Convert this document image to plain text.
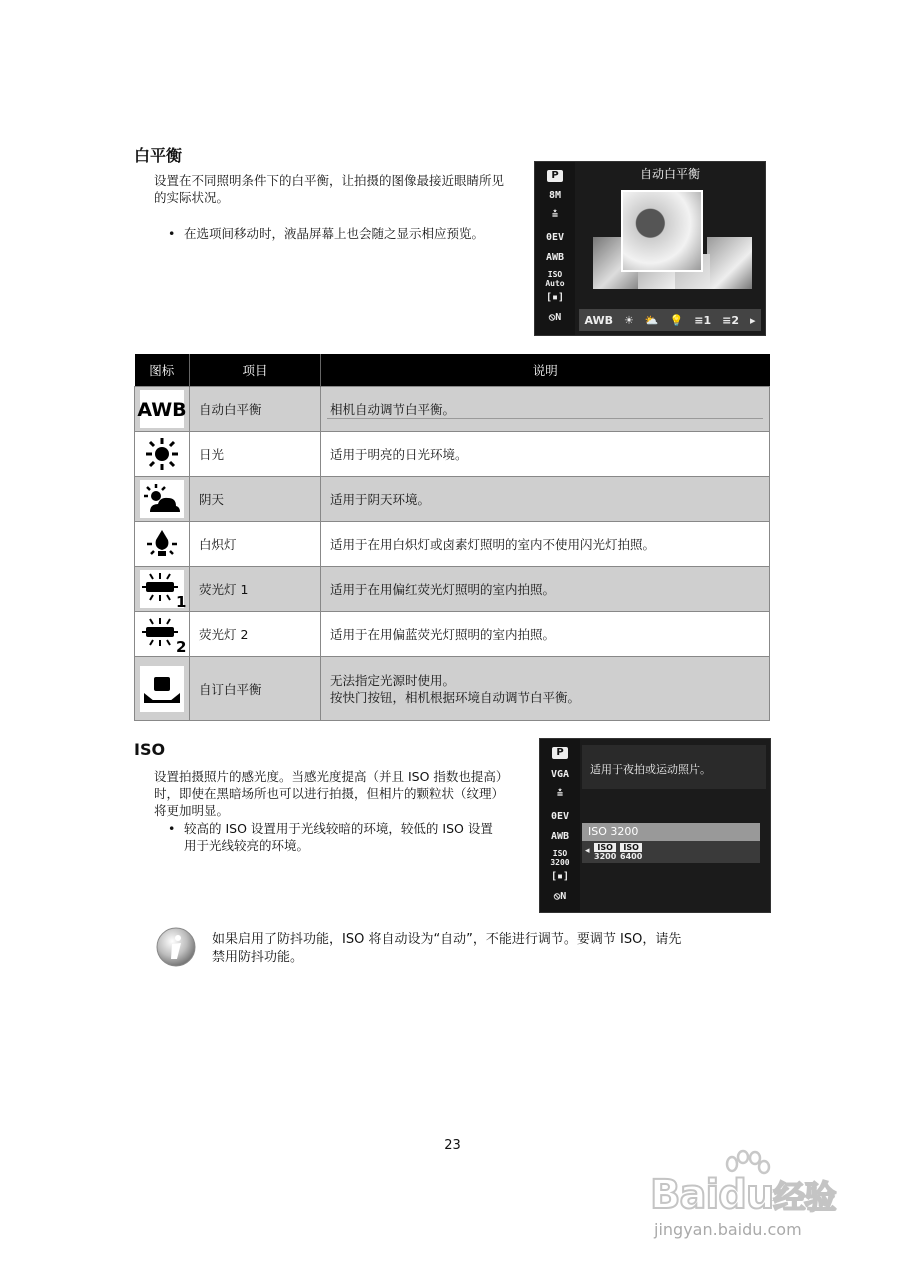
白平衡
设置在不同照明条件下的白平衡，让拍摄的图像最接近眼睛所见
的实际状况。
• 在选项间移动时，液晶屏幕上也会随之显示相应预览。
P
8M
≛
0EV
AWB
ISO Auto
[▪]
⦸N
自动白平衡
AWB ☀ ⛅ 💡 ≡1 ≡2 ▸
图标	项目	说明

AWB	自动白平衡	相机自动调节白平衡。

	日光	适用于明亮的日光环境。

	阴天	适用于阴天环境。

	白炽灯	适用于在用白炽灯或卤素灯照明的室内不使用闪光灯拍照。

1	荧光灯 1	适用于在用偏红荧光灯照明的室内拍照。

2	荧光灯 2	适用于在用偏蓝荧光灯照明的室内拍照。

	自订白平衡	无法指定光源时使用。
按快门按钮，相机根据环境自动调节白平衡。
ISO
设置拍摄照片的感光度。当感光度提高（并且 ISO 指数也提高）
时，即使在黑暗场所也可以进行拍摄，但相片的颗粒状（纹理）
将更加明显。
• 较高的 ISO 设置用于光线较暗的环境，较低的 ISO 设置
用于光线较亮的环境。
P
VGA
≛
0EV
AWB
ISO 3200
[▪]
⦸N
适用于夜拍或运动照片。
ISO 3200
◂ ISO
3200
ISO
6400
如果启用了防抖功能，ISO 将自动设为“自动”，不能进行调节。要调节 ISO，请先
禁用防抖功能。
23
Baidu经验
jingyan.baidu.com
